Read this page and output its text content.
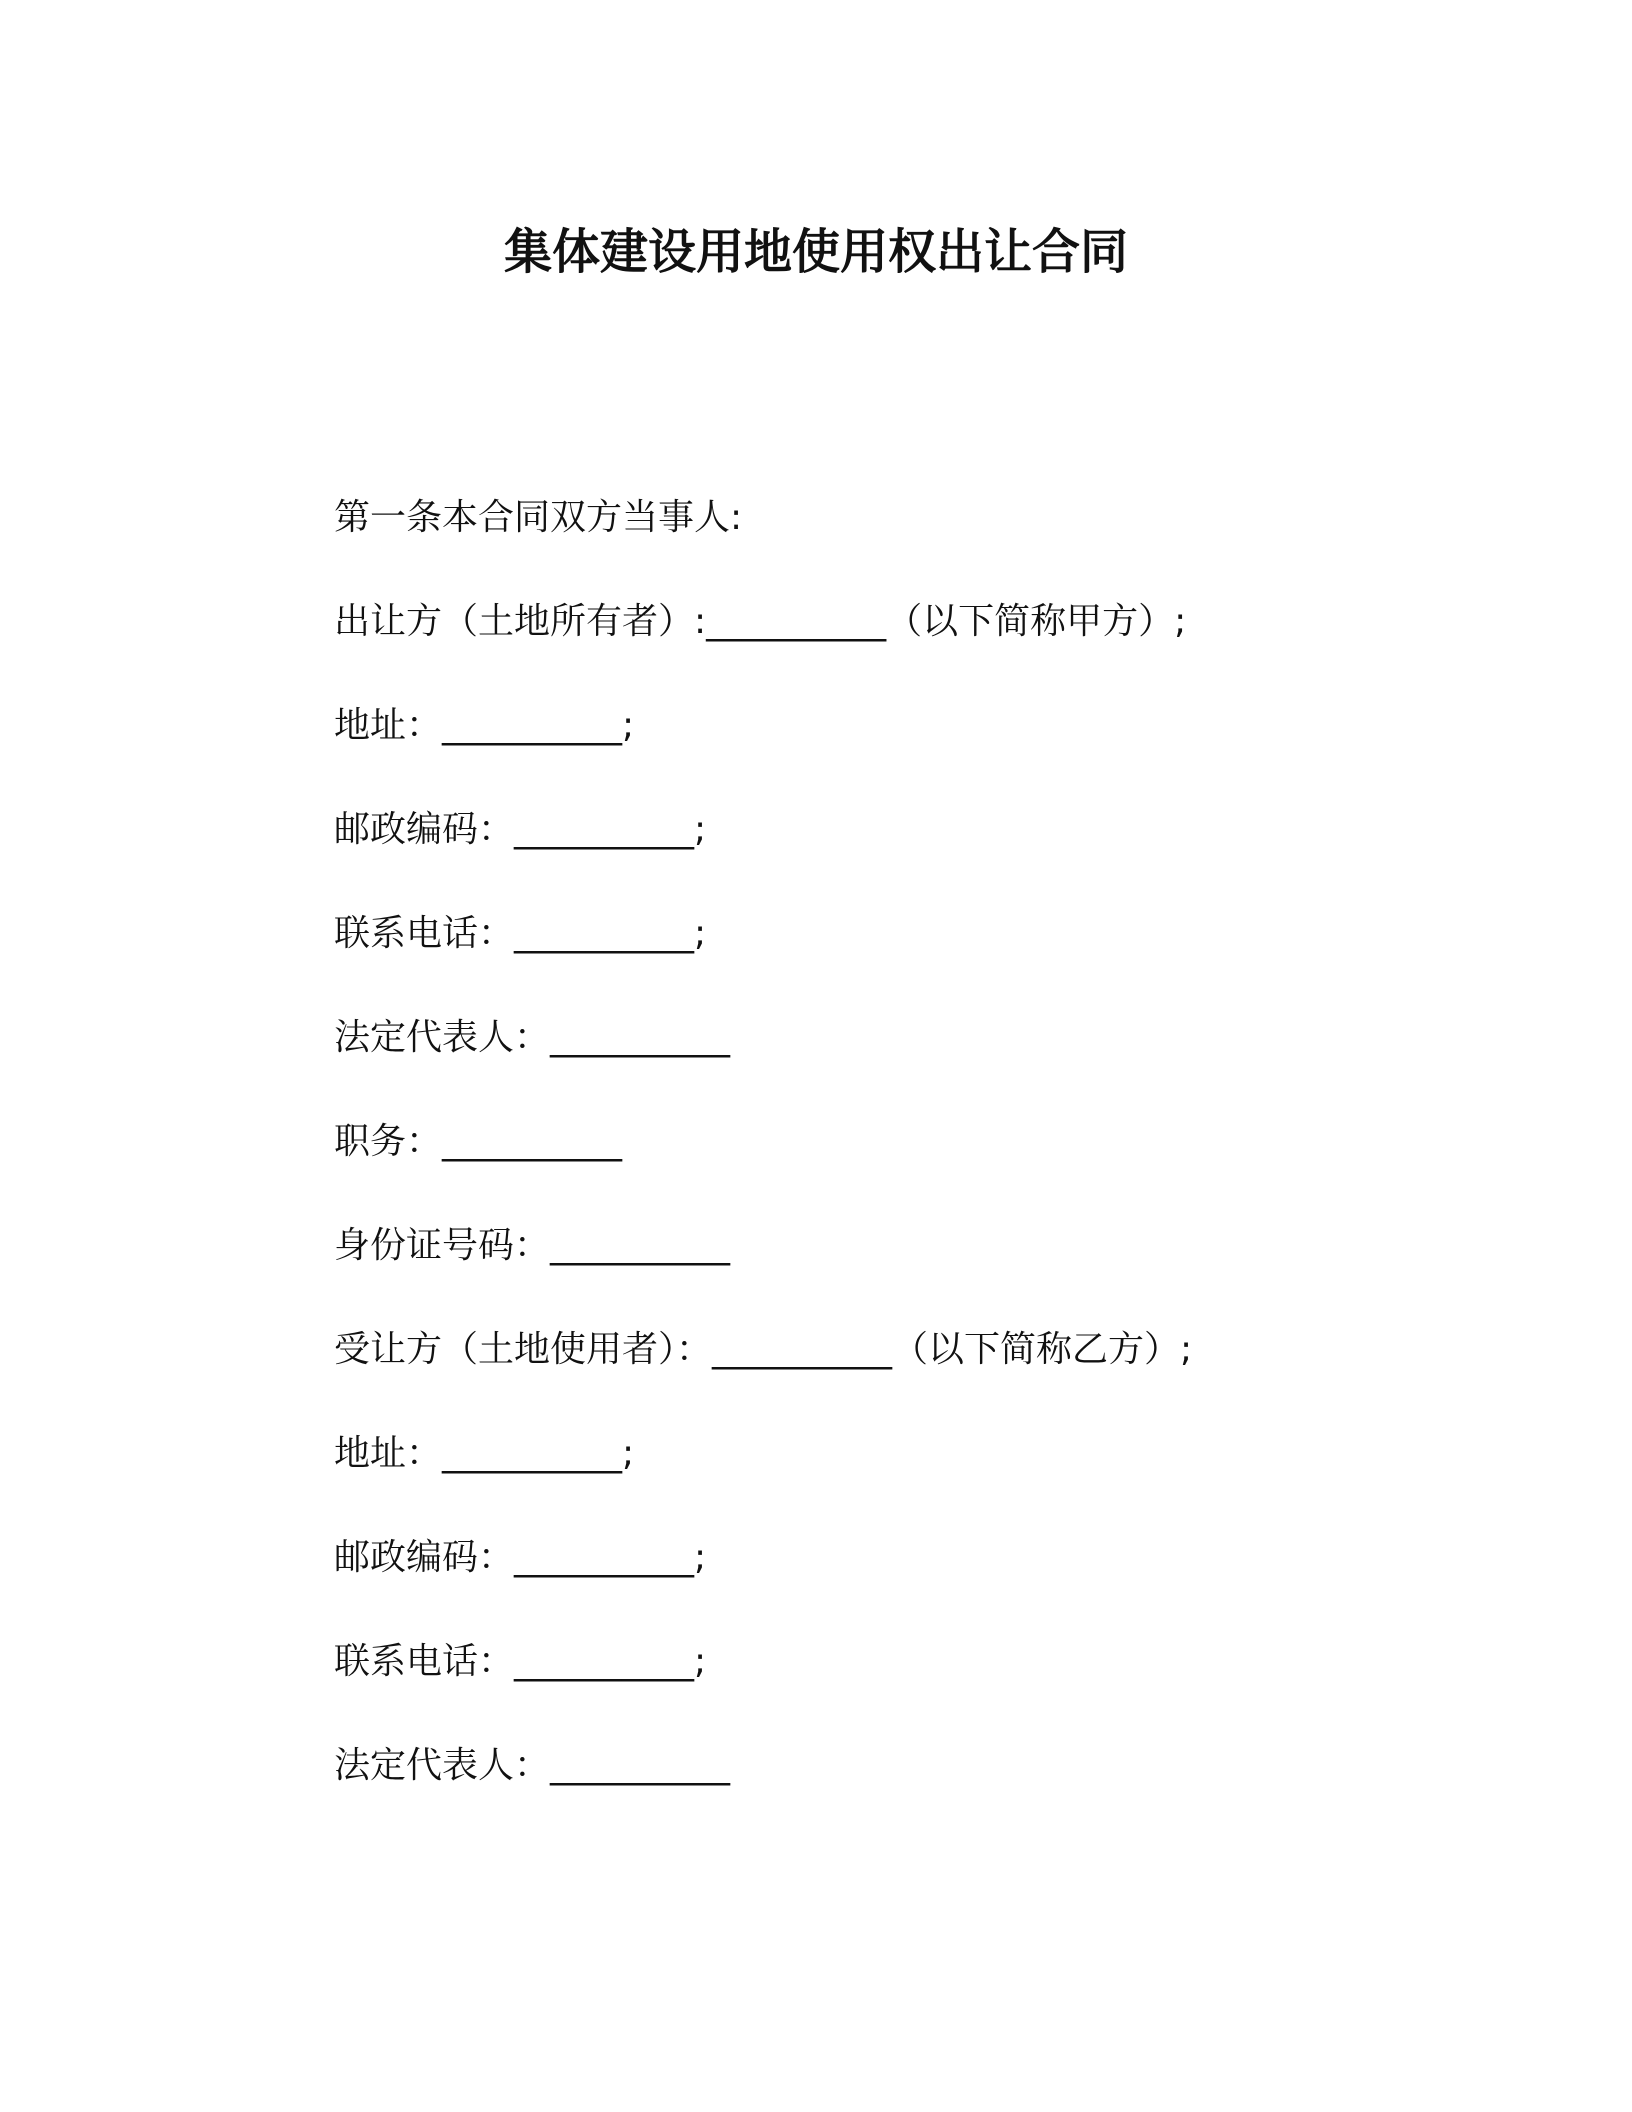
集体建设用地使用权出让合同
第一条本合同双方当事人:
出让方（土地所有者）:__________（以下简称甲方）;
地址：__________;
邮政编码：__________;
联系电话：__________;
法定代表人：__________
职务：__________
身份证号码：__________
受让方（土地使用者）：__________（以下简称乙方）;
地址：__________;
邮政编码：__________;
联系电话：__________;
法定代表人：__________
